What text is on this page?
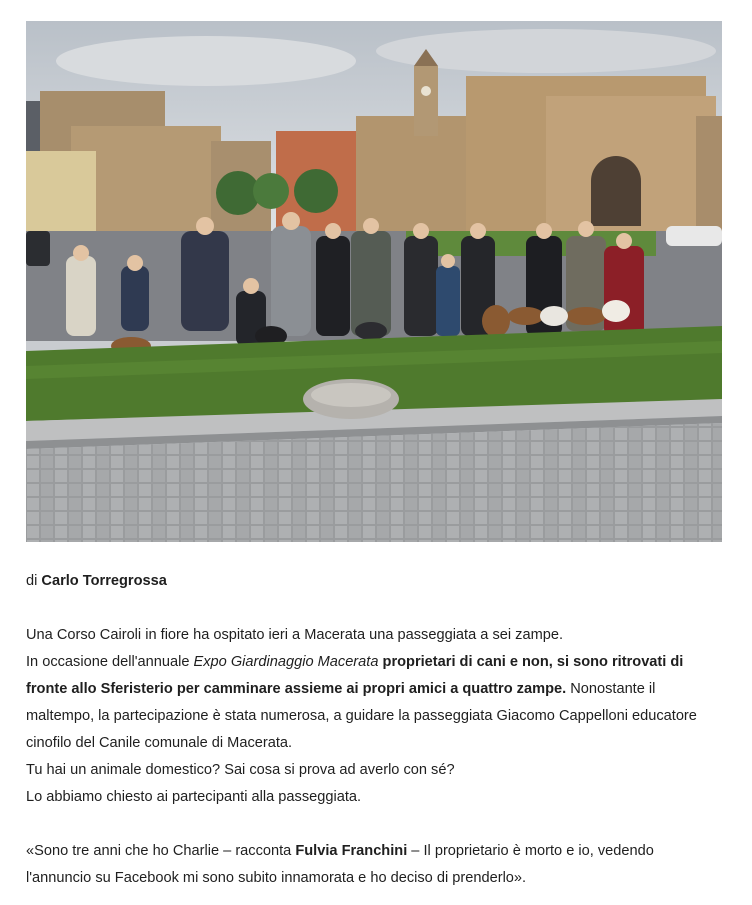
di Carlo Torregrossa

Una Corso Cairoli in fiore ha ospitato ieri a Macerata una passeggiata a sei zampe.

In occasione dell'annuale Expo Giardinaggio Macerata proprietari di cani e non, si sono ritrovati di fronte allo Sferisterio per camminare assieme ai propri amici a quattro zampe. Nonostante il maltempo, la partecipazione è stata numerosa, a guidare la passeggiata Giacomo Cappelloni educatore cinofilo del Canile comunale di Macerata.

Tu hai un animale domestico? Sai cosa si prova ad averlo con sé?

Lo abbiamo chiesto ai partecipanti alla passeggiata.

«Sono tre anni che ho Charlie – racconta Fulvia Franchini – Il proprietario è morto e io, vedendo l'annuncio su Facebook mi sono subito innamorata e ho deciso di prenderlo».
